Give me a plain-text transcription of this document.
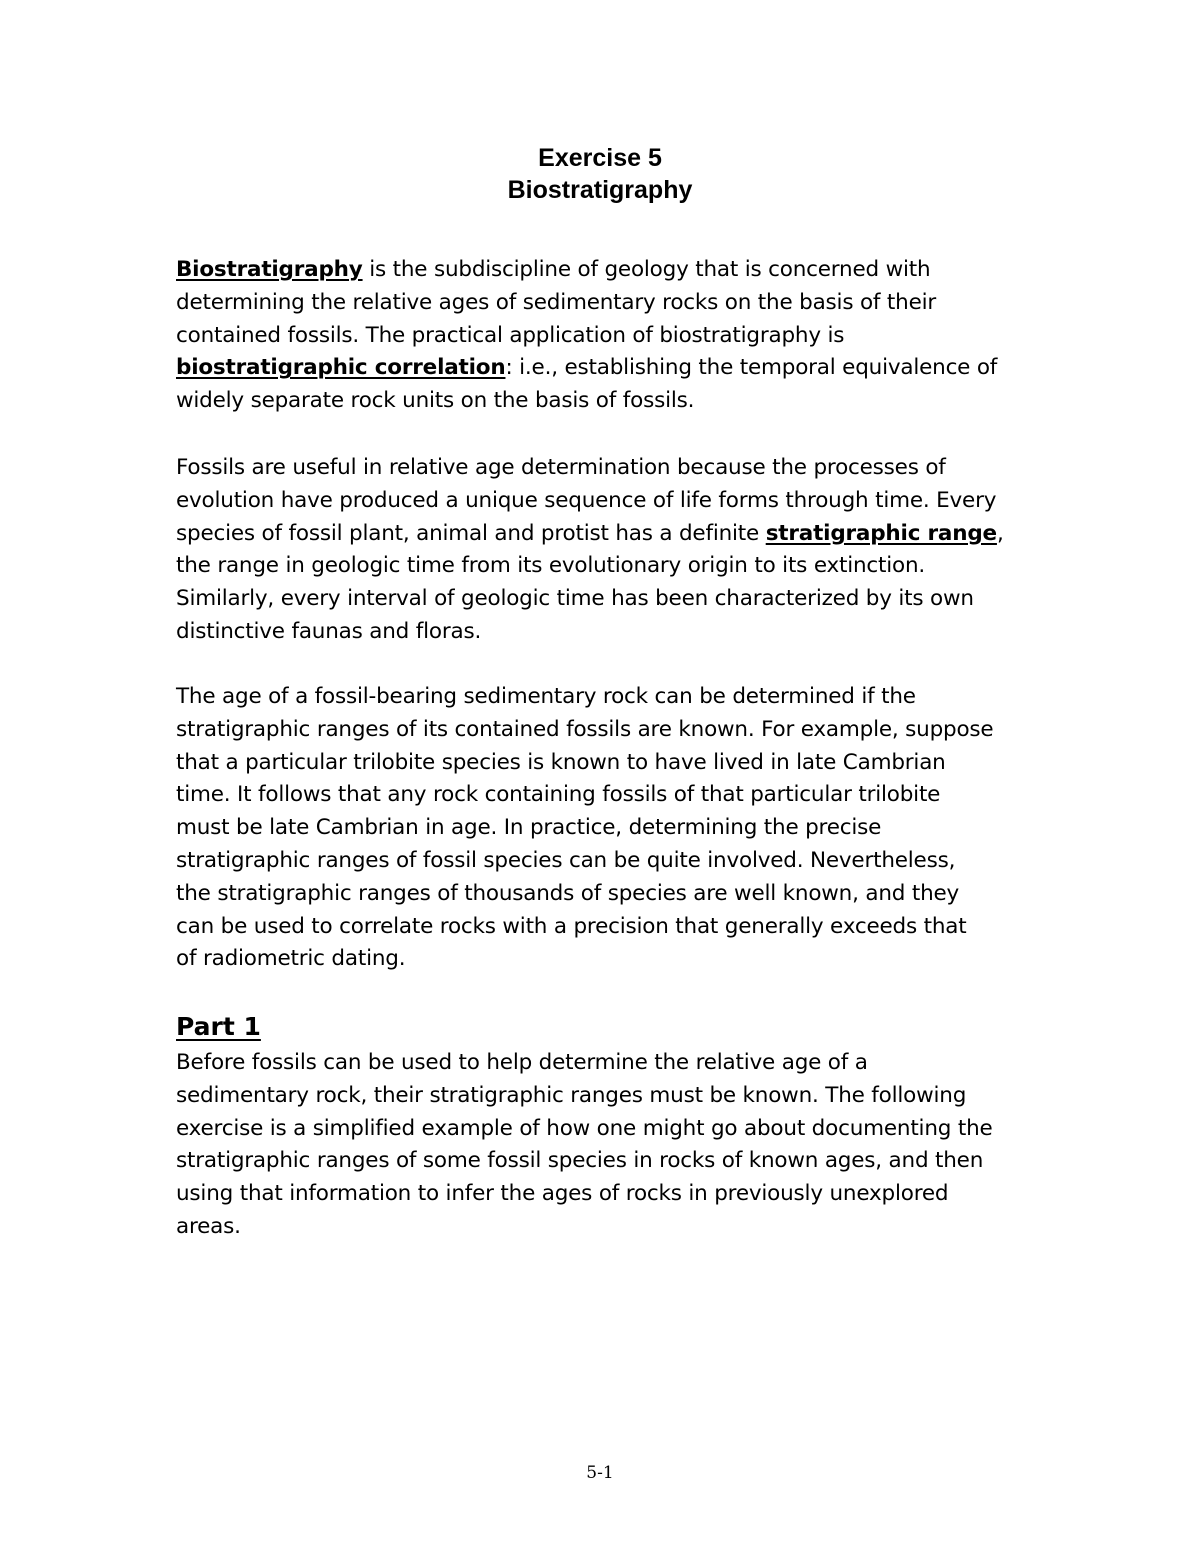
Exercise 5
Biostratigraphy
Biostratigraphy is the subdiscipline of geology that is concerned with
determining the relative ages of sedimentary rocks on the basis of their
contained fossils. The practical application of biostratigraphy is
biostratigraphic correlation: i.e., establishing the temporal equivalence of
widely separate rock units on the basis of fossils.
Fossils are useful in relative age determination because the processes of
evolution have produced a unique sequence of life forms through time. Every
species of fossil plant, animal and protist has a definite stratigraphic range,
the range in geologic time from its evolutionary origin to its extinction.
Similarly, every interval of geologic time has been characterized by its own
distinctive faunas and floras.
The age of a fossil-bearing sedimentary rock can be determined if the
stratigraphic ranges of its contained fossils are known. For example, suppose
that a particular trilobite species is known to have lived in late Cambrian
time. It follows that any rock containing fossils of that particular trilobite
must be late Cambrian in age. In practice, determining the precise
stratigraphic ranges of fossil species can be quite involved. Nevertheless,
the stratigraphic ranges of thousands of species are well known, and they
can be used to correlate rocks with a precision that generally exceeds that
of radiometric dating.
Part 1
Before fossils can be used to help determine the relative age of a
sedimentary rock, their stratigraphic ranges must be known. The following
exercise is a simplified example of how one might go about documenting the
stratigraphic ranges of some fossil species in rocks of known ages, and then
using that information to infer the ages of rocks in previously unexplored
areas.
5-1
